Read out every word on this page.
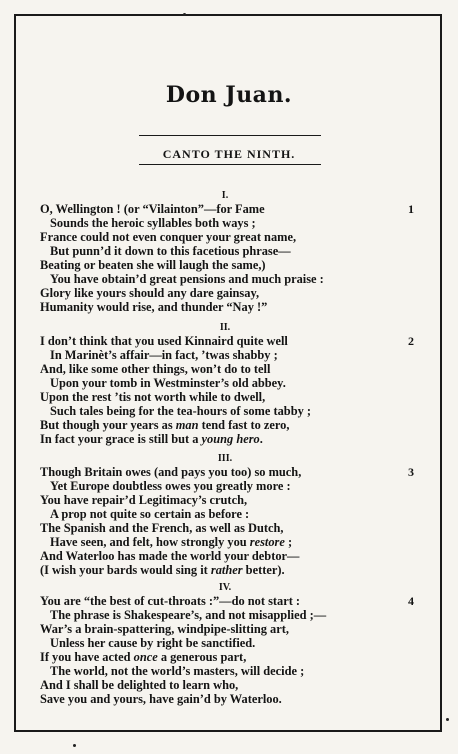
Don Juan.
CANTO THE NINTH.
I.
O, Wellington ! (or “Vilainton”—for Fame	1
Sounds the heroic syllables both ways ;
France could not even conquer your great name,
But punn’d it down to this facetious phrase—
Beating or beaten she will laugh the same,)
You have obtain’d great pensions and much praise :
Glory like yours should any dare gainsay,
Humanity would rise, and thunder “Nay !”
II.
I don’t think that you used Kinnaird quite well	2
In Marinèt’s affair—in fact, ’twas shabby ;
And, like some other things, won’t do to tell
Upon your tomb in Westminster’s old abbey.
Upon the rest ’tis not worth while to dwell,
Such tales being for the tea-hours of some tabby ;
But though your years as man tend fast to zero,
In fact your grace is still but a young hero.
III.
Though Britain owes (and pays you too) so much,	3
Yet Europe doubtless owes you greatly more :
You have repair’d Legitimacy’s crutch,
A prop not quite so certain as before :
The Spanish and the French, as well as Dutch,
Have seen, and felt, how strongly you restore ;
And Waterloo has made the world your debtor—
(I wish your bards would sing it rather better).
IV.
You are “the best of cut-throats :”—do not start :	4
The phrase is Shakespeare’s, and not misapplied ;—
War’s a brain-spattering, windpipe-slitting art,
Unless her cause by right be sanctified.
If you have acted once a generous part,
The world, not the world’s masters, will decide ;
And I shall be delighted to learn who,
Save you and yours, have gain’d by Waterloo.
